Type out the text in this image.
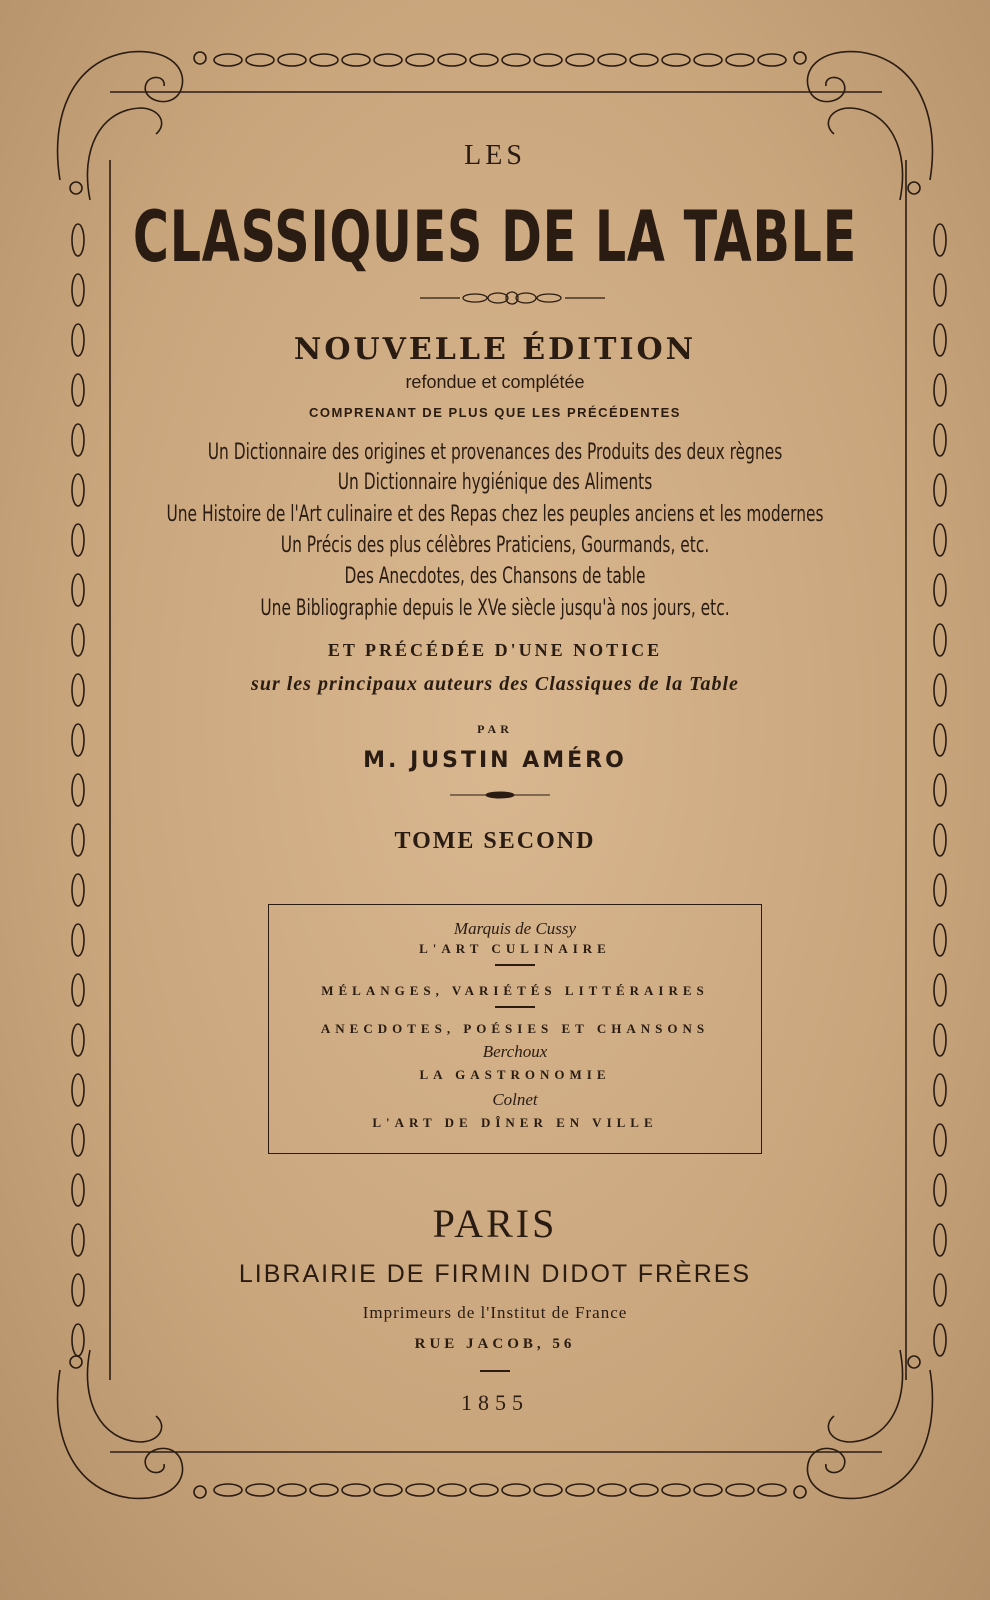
LES
CLASSIQUES DE LA TABLE
NOUVELLE ÉDITION
refondue et complétée
COMPRENANT DE PLUS QUE LES PRÉCÉDENTES
Un Dictionnaire des origines et provenances des Produits des deux règnes
Un Dictionnaire hygiénique des Aliments
Une Histoire de l'Art culinaire et des Repas chez les peuples anciens et les modernes
Un Précis des plus célèbres Praticiens, Gourmands, etc.
Des Anecdotes, des Chansons de table
Une Bibliographie depuis le XVe siècle jusqu'à nos jours, etc.
ET PRÉCÉDÉE D'UNE NOTICE
sur les principaux auteurs des Classiques de la Table
PAR
M. JUSTIN AMÉRO
TOME SECOND
Marquis de Cussy
L'ART CULINAIRE
MÉLANGES, VARIÉTÉS LITTÉRAIRES
ANECDOTES, POÉSIES ET CHANSONS
Berchoux
LA GASTRONOMIE
Colnet
L'ART DE DÎNER EN VILLE
PARIS
LIBRAIRIE DE FIRMIN DIDOT FRÈRES
Imprimeurs de l'Institut de France
RUE JACOB, 56
1855
